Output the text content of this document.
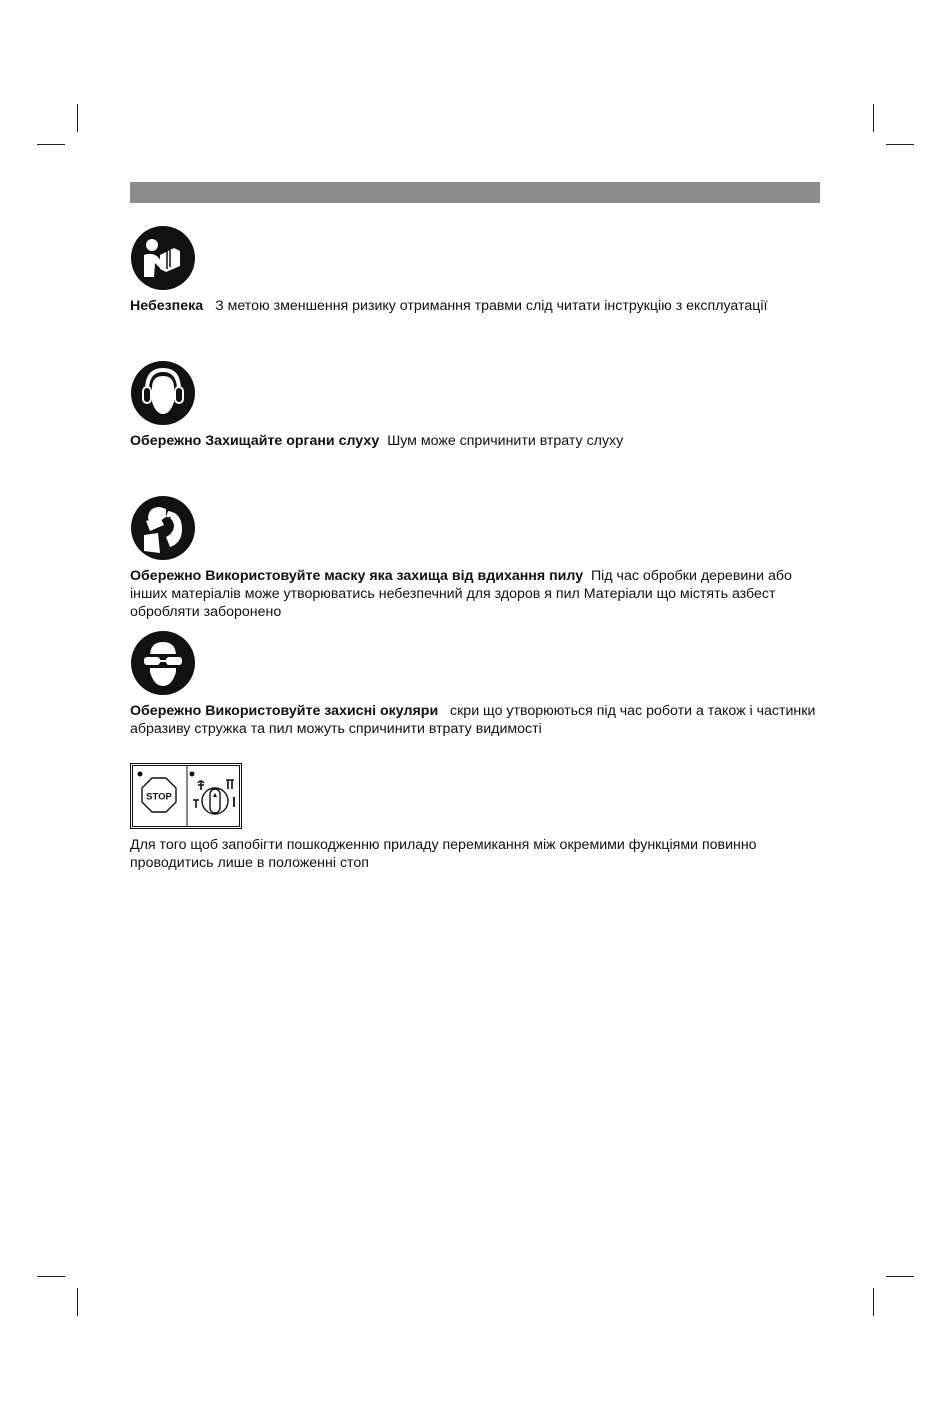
Небезпека З метою зменшення ризику отримання травми слід читати інструкцію з експлуатації
Обережно Захищайте органи слуху Шум може спричинити втрату слуху
Обережно Використовуйте маску яка захища від вдихання пилу Під час обробки деревини або інших матеріалів може утворюватись небезпечний для здоров я пил Матеріали що містять азбест обробляти заборонено
Обережно Використовуйте захисні окуляри скри що утворюються під час роботи а також і частинки абразиву стружка та пил можуть спричинити втрату видимості
STOP
Для того щоб запобігти пошкодженню приладу перемикання між окремими функціями повинно проводитись лише в положенні стоп
